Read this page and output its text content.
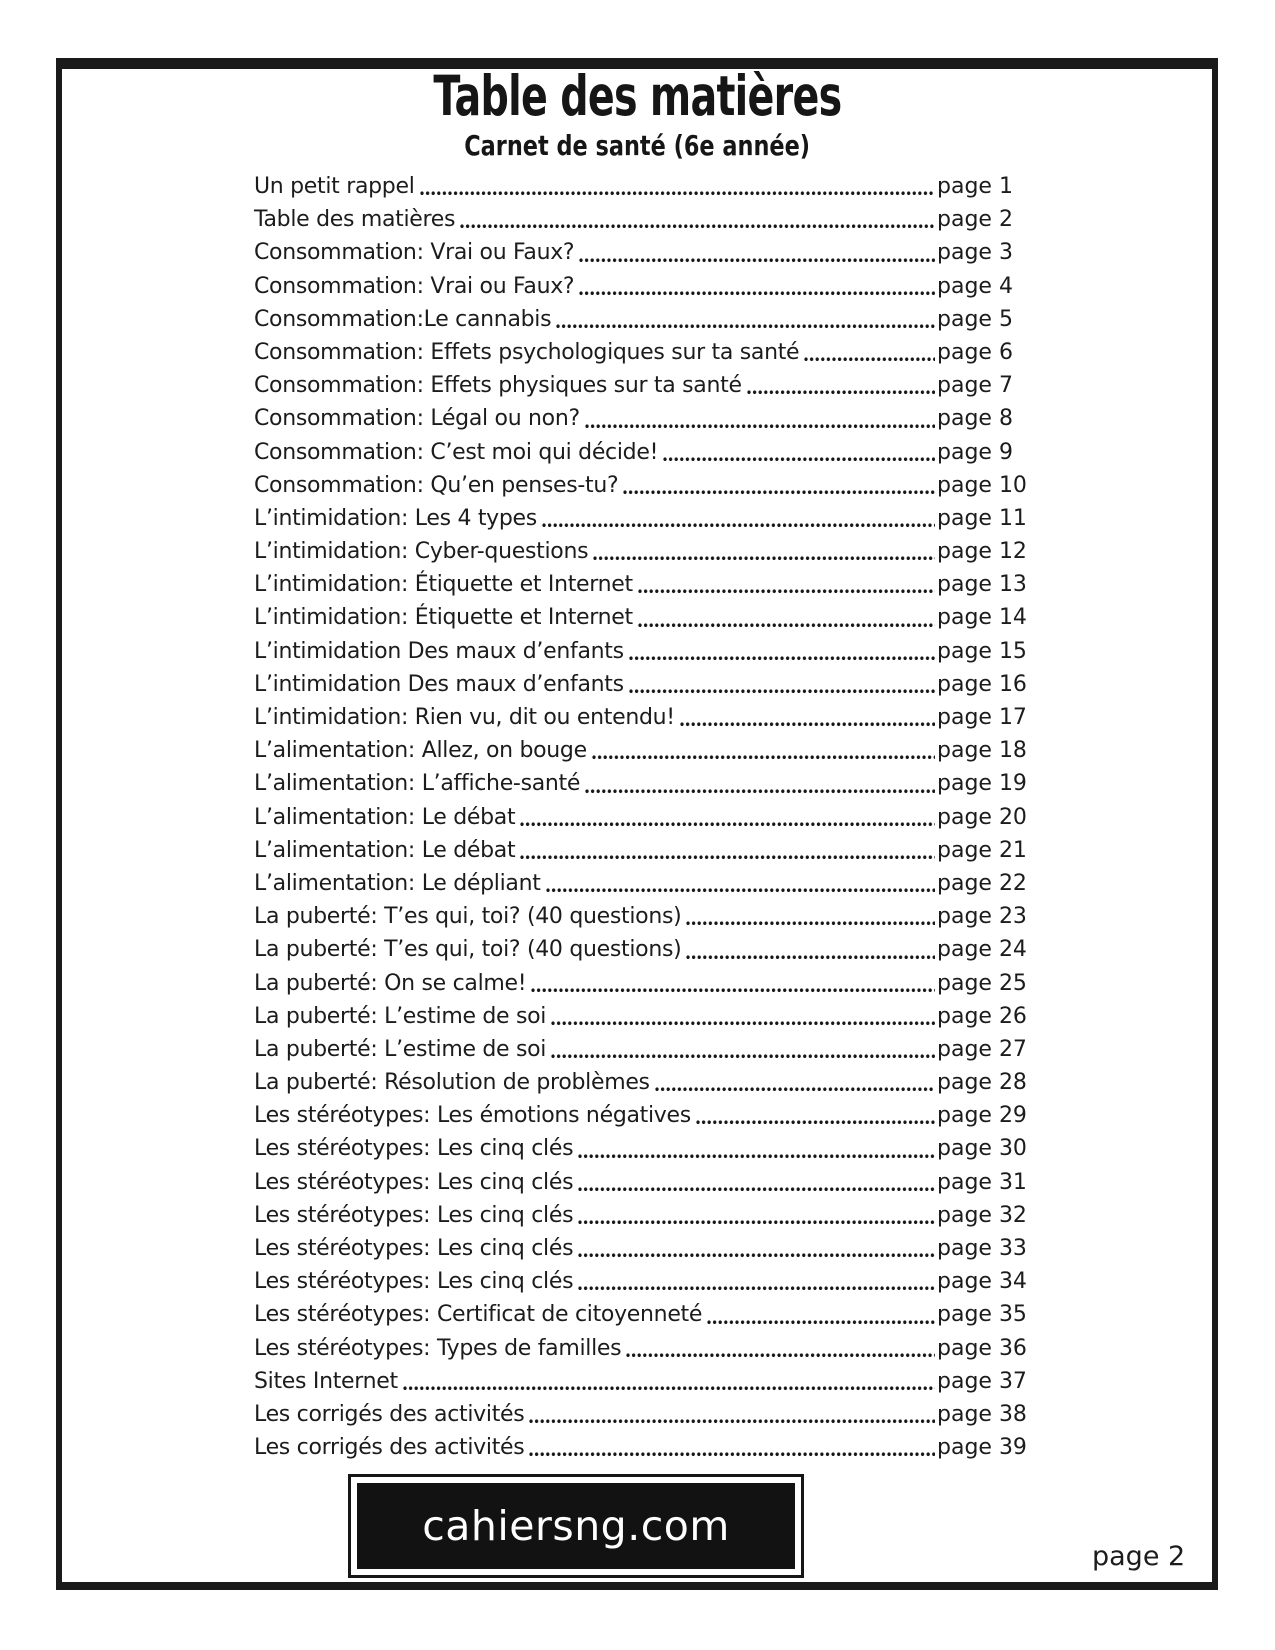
Table des matières
Carnet de santé (6e année)
Un petit rappel	page 1
Table des matières	page 2
Consommation: Vrai ou Faux?	page 3
Consommation: Vrai ou Faux?	page 4
Consommation:Le cannabis	page 5
Consommation: Effets psychologiques sur ta santé	page 6
Consommation: Effets physiques sur ta santé	page 7
Consommation: Légal ou non?	page 8
Consommation: C’est moi qui décide!	page 9
Consommation: Qu’en penses-tu?	page 10
L’intimidation: Les 4 types	page 11
L’intimidation: Cyber-questions	page 12
L’intimidation: Étiquette et Internet	page 13
L’intimidation: Étiquette et Internet	page 14
L’intimidation Des maux d’enfants	page 15
L’intimidation Des maux d’enfants	page 16
L’intimidation: Rien vu, dit ou entendu!	page 17
L’alimentation: Allez, on bouge	page 18
L’alimentation: L’affiche-santé	page 19
L’alimentation: Le débat	page 20
L’alimentation: Le débat	page 21
L’alimentation: Le dépliant	page 22
La puberté: T’es qui, toi? (40 questions)	page 23
La puberté: T’es qui, toi? (40 questions)	page 24
La puberté: On se calme!	page 25
La puberté: L’estime de soi	page 26
La puberté: L’estime de soi	page 27
La puberté: Résolution de problèmes	page 28
Les stéréotypes: Les émotions négatives	page 29
Les stéréotypes: Les cinq clés	page 30
Les stéréotypes: Les cinq clés	page 31
Les stéréotypes: Les cinq clés	page 32
Les stéréotypes: Les cinq clés	page 33
Les stéréotypes: Les cinq clés	page 34
Les stéréotypes: Certificat de citoyenneté	page 35
Les stéréotypes: Types de familles	page 36
Sites Internet	page 37
Les corrigés des activités	page 38
Les corrigés des activités	page 39
cahiersng.com
page 2
